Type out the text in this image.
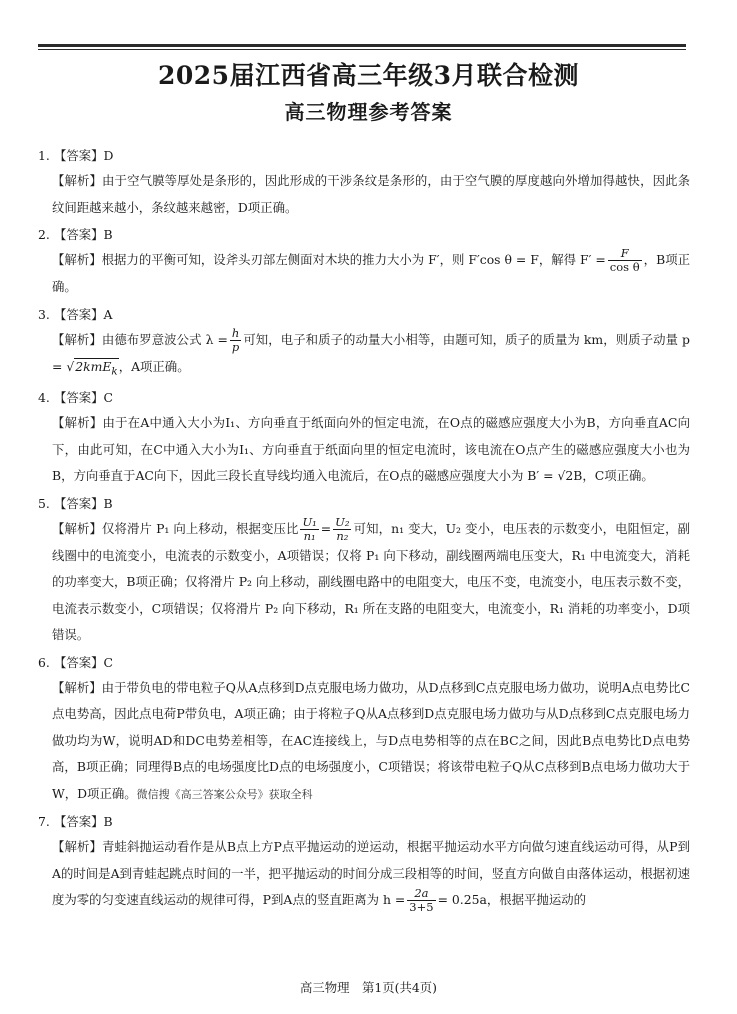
2025届江西省高三年级3月联合检测
高三物理参考答案
1. 【答案】D
【解析】由于空气膜等厚处是条形的，因此形成的干涉条纹是条形的，由于空气膜的厚度越向外增加得越快，因此条纹间距越来越小，条纹越来越密，D项正确。
2. 【答案】B
【解析】根据力的平衡可知，设斧头刃部左侧面对木块的推力大小为 F′，则 F′cos θ = F，解得 $F' = \frac{F}{\text{cos θ}}$ ，B项正确。
3. 【答案】A
【解析】由德布罗意波公式 $\lambda = \frac{h}{p}$ 可知，电子和质子的动量大小相等，由题可知，质子的质量为 km，则质子动量 p = √2kmE$_k$，A项正确。
4. 【答案】C
【解析】由于在A中通入大小为I₁、方向垂直于纸面向外的恒定电流，在O点的磁感应强度大小为B，方向垂直AC向下，由此可知，在C中通入大小为I₁、方向垂直于纸面向里的恒定电流时，该电流在O点产生的磁感应强度大小也为B，方向垂直于AC向下，因此三段长直导线均通入电流后，在O点的磁感应强度大小为 B′ = √2B，C项正确。
5. 【答案】B
【解析】仅将滑片 P₁ 向上移动，根据变压比 $\frac{\text{U₁}}{\text{n₁}} = \frac{\text{U₂}}{\text{n₂}}$ 可知，n₁ 变大，U₂ 变小，电压表的示数变小，电阻恒定，副线圈中的电流变小，电流表的示数变小，A项错误；仅将 P₁ 向下移动，副线圈两端电压变大，R₁ 中电流变大，消耗的功率变大，B项正确；仅将滑片 P₂ 向上移动，副线圈电路中的电阻变大，电压不变，电流变小，电压表示数不变，电流表示数变小，C项错误；仅将滑片 P₂ 向下移动，R₁ 所在支路的电阻变大，电流变小，R₁ 消耗的功率变小，D项错误。
6. 【答案】C
【解析】由于带负电的带电粒子Q从A点移到D点克服电场力做功，从D点移到C点克服电场力做功，说明A点电势比C点电势高，因此点电荷P带负电，A项正确；由于将粒子Q从A点移到D点克服电场力做功与从D点移到C点克服电场力做功均为W，说明AD和DC电势差相等，在AC连接线上，与D点电势相等的点在BC之间，因此B点电势比D点电势高，B项正确；同理得B点的电场强度比D点的电场强度小，C项错误；将该带电粒子Q从C点移到B点电场力做功大于W，D项正确。微信搜《高三答案公众号》获取全科
7. 【答案】B
【解析】青蛙斜抛运动看作是从B点上方P点平抛运动的逆运动，根据平抛运动水平方向做匀速直线运动可得，从P到A的时间是A到青蛙起跳点时间的一半，把平抛运动的时间分成三段相等的时间，竖直方向做自由落体运动，根据初速度为零的匀变速直线运动的规律可得，P到A点的竖直距离为 $h = \frac{2a}{3+5} = 0.25a$，根据平抛运动的
高三物理　第1页(共4页)
